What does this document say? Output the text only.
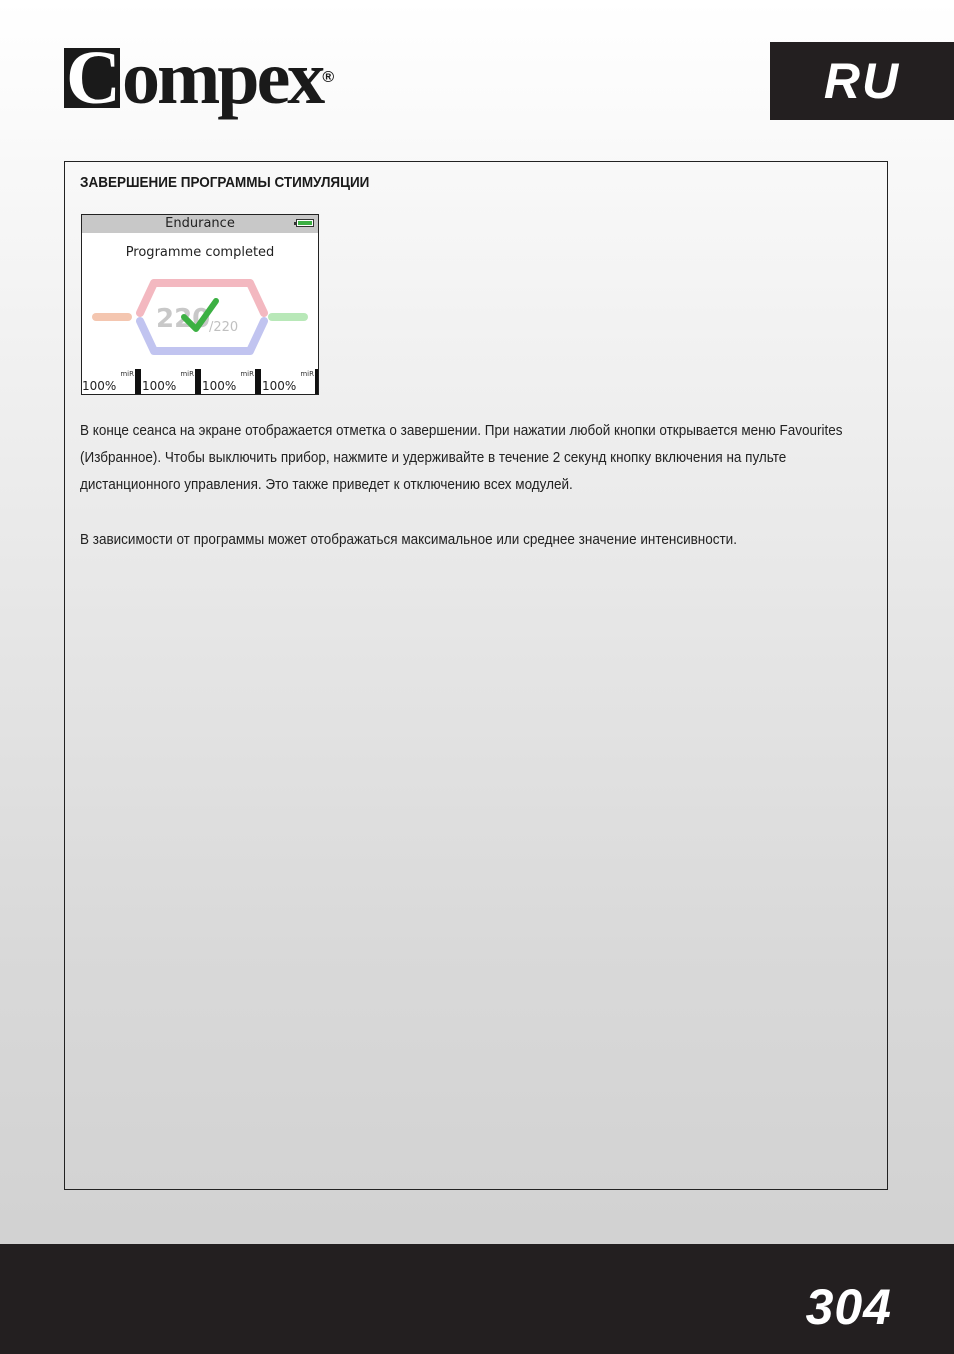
Compex®	RU
ЗАВЕРШЕНИЕ ПРОГРАММЫ СТИМУЛЯЦИИ
Endurance
Programme completed
220
/220
miR
100%
miR
100%
miR
100%
miR
100%

В конце сеанса на экране отображается отметка о завершении. При нажатии любой кнопки открывается меню Favourites (Избранное). Чтобы выключить прибор, нажмите и удерживайте в течение 2 секунд кнопку включения на пульте дистанционного управления. Это также приведет к отключению всех модулей.

В зависимости от программы может отображаться максимальное или среднее значение интенсивности.

304
